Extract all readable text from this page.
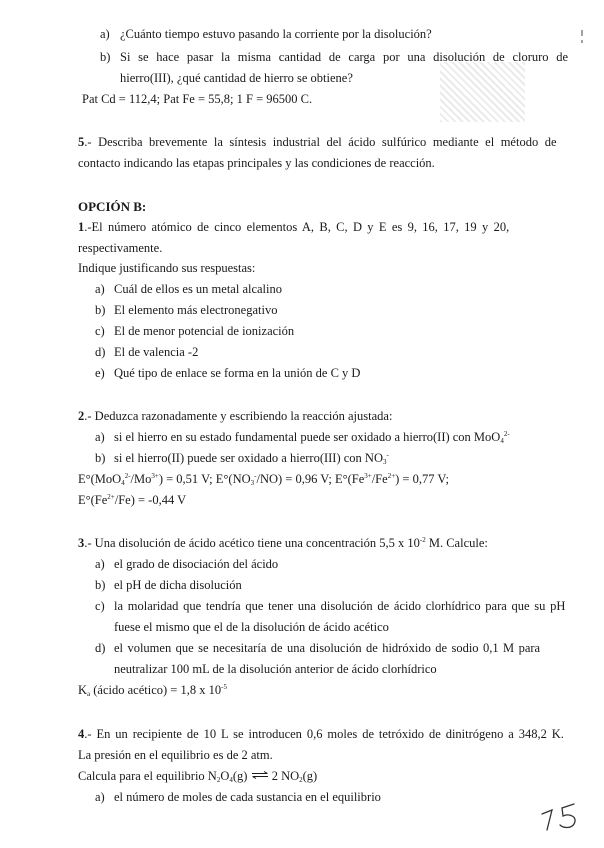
a) ¿Cuánto tiempo estuvo pasando la corriente por la disolución?
b) Si se hace pasar la misma cantidad de carga por una disolución de cloruro de
hierro(III), ¿qué cantidad de hierro se obtiene?
Pat Cd = 112,4; Pat Fe = 55,8; 1 F = 96500 C.
5.- Describa brevemente la síntesis industrial del ácido sulfúrico mediante el método de
contacto indicando las etapas principales y las condiciones de reacción.
OPCIÓN B:
1.-El número atómico de cinco elementos A, B, C, D y E es 9, 16, 17, 19 y 20,
respectivamente.
Indique justificando sus respuestas:
a) Cuál de ellos es un metal alcalino
b) El elemento más electronegativo
c) El de menor potencial de ionización
d) El de valencia -2
e) Qué tipo de enlace se forma en la unión de C y D
2.- Deduzca razonadamente y escribiendo la reacción ajustada:
a) si el hierro en su estado fundamental puede ser oxidado a hierro(II) con MoO$_4^{2-}$
b) si el hierro(II) puede ser oxidado a hierro(III) con $NO_3^-$
$E^\circ(MoO_4^{2-}/Mo^{3+}) = 0,51$ V; $E^\circ(NO_3^-/NO) = 0,96$ V; $E^\circ(Fe^{3+}/Fe^{2+}) = 0,77$ V;
$E^\circ(Fe^{2+}/Fe) = -0,44$ V
3.- Una disolución de ácido acético tiene una concentración 5,5 x $10^{-2}$ M. Calcule:
a) el grado de disociación del ácido
b) el pH de dicha disolución
c) la molaridad que tendría que tener una disolución de ácido clorhídrico para que su pH
fuese el mismo que el de la disolución de ácido acético
d) el volumen que se necesitaría de una disolución de hidróxido de sodio 0,1 M para
neutralizar 100 mL de la disolución anterior de ácido clorhídrico
$K_a$ (ácido acético) = 1,8 x $10^{-5}$
4.- En un recipiente de 10 L se introducen 0,6 moles de tetróxido de dinitrógeno a 348,2 K.
La presión en el equilibrio es de 2 atm.
Calcula para el equilibrio $N_2O_4(g)$ ⇌ 2 $NO_2(g)$
a) el número de moles de cada sustancia en el equilibrio
